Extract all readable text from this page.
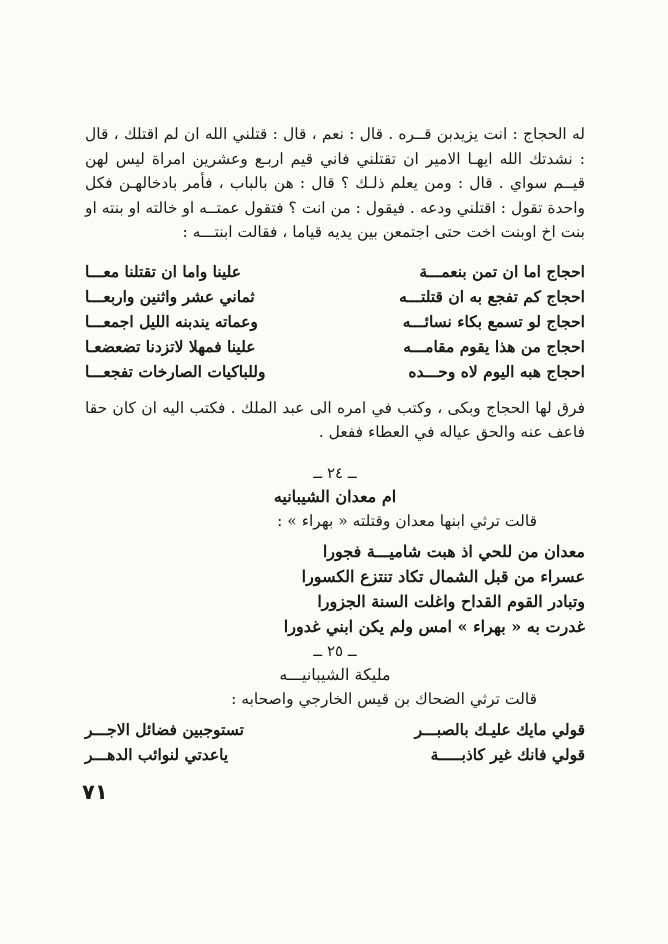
له الحجاج : انت يزيدبن قــره . قال : نعم ، قال : قتلني الله ان لم اقتلك ، قال : نشدتك الله ايهـا الامير ان تقتلني فاني قيم اربـع وعشرين امراة ليس لهن قيــم سواي . قال : ومن يعلم ذلـك ؟ قال : هن بالباب ، فأمر بادخالهـن فكل واحدة تقول : اقتلني ودعه . فيقول : من انت ؟ فتقول عمتــه او خالته او بنته او بنت اخ اوبنت اخت حتى اجتمعن بين يديه قياما ، فقالت ابنتـــه :

احجاج اما ان تمن بنعمـــة
علينا واما ان تقتلنا معـــا
احجاج كم تفجع به ان قتلتـــه
ثماني عشر واثنين واربعـــا
احجاج لو تسمع بكاء نسائـــه
وعماته يندبنه الليل اجمعـــا
احجاج من هذا يقوم مقامـــه
علينا فمهلا لاتزدنا تضعضعـا
احجاج هبه اليوم لاه وحـــده
وللباكيات الصارخات تفجعـــا

فرق لها الحجاج وبكى ، وكتب في امره الى عبد الملك . فكتب اليه ان كان حقا فاعف عنه والحق عياله في العطاء ففعل .

ــ ٢٤ ــ
ام معدان الشيبانيه
قالت ترثي ابنها معدان وقتلته « بهراء » :
معدان من للحي اذ هبت شاميـــة فجورا
عسراء من قبل الشمال تكاد تنتزع الكسورا
وتبادر القوم القداح واغلت السنة الجزورا
غدرت به « بهراء » امس ولم يكن ابني غدورا
ــ ٢٥ ــ
مليكة الشيبانيـــه
قالت ترثي الضحاك بن قيس الخارجي واصحابه :
قولي مايك عليـك بالصبـــر
تستوجبين فضائل الاجـــر
قولي فانك غير كاذبـــــة
ياعدتي لنوائب الدهـــر
٧١
